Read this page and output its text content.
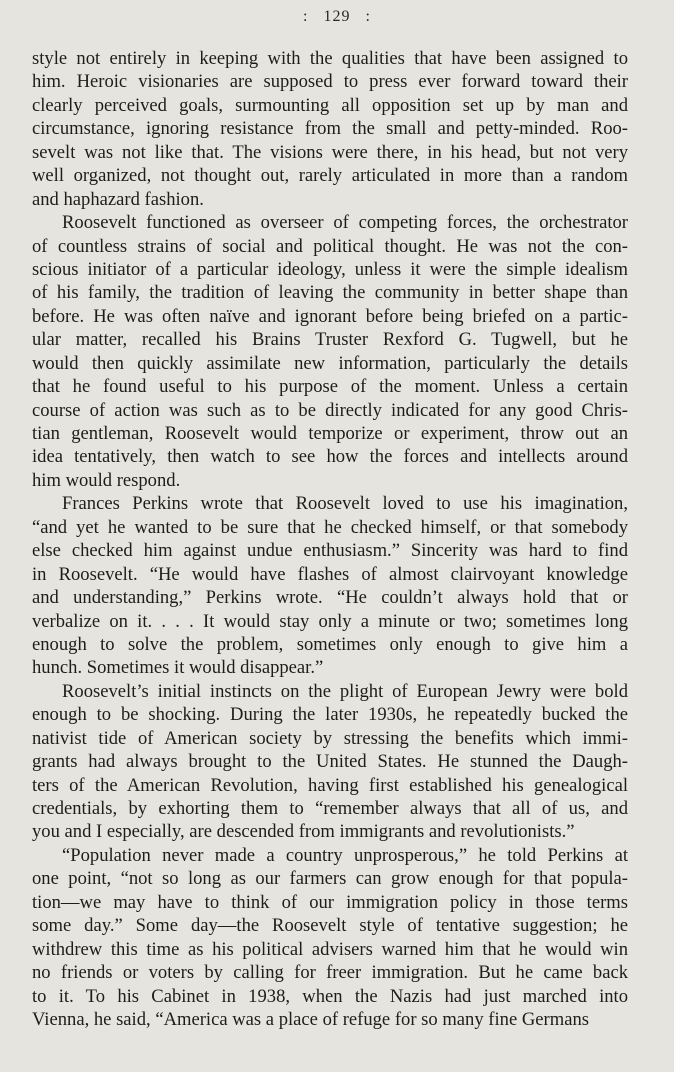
: 129 :
style not entirely in keeping with the qualities that have been assigned to
him. Heroic visionaries are supposed to press ever forward toward their
clearly perceived goals, surmounting all opposition set up by man and
circumstance, ignoring resistance from the small and petty-minded. Roo-
sevelt was not like that. The visions were there, in his head, but not very
well organized, not thought out, rarely articulated in more than a random
and haphazard fashion.
Roosevelt functioned as overseer of competing forces, the orchestrator
of countless strains of social and political thought. He was not the con-
scious initiator of a particular ideology, unless it were the simple idealism
of his family, the tradition of leaving the community in better shape than
before. He was often naïve and ignorant before being briefed on a partic-
ular matter, recalled his Brains Truster Rexford G. Tugwell, but he
would then quickly assimilate new information, particularly the details
that he found useful to his purpose of the moment. Unless a certain
course of action was such as to be directly indicated for any good Chris-
tian gentleman, Roosevelt would temporize or experiment, throw out an
idea tentatively, then watch to see how the forces and intellects around
him would respond.
Frances Perkins wrote that Roosevelt loved to use his imagination,
“and yet he wanted to be sure that he checked himself, or that somebody
else checked him against undue enthusiasm.” Sincerity was hard to find
in Roosevelt. “He would have flashes of almost clairvoyant knowledge
and understanding,” Perkins wrote. “He couldn’t always hold that or
verbalize on it. . . . It would stay only a minute or two; sometimes long
enough to solve the problem, sometimes only enough to give him a
hunch. Sometimes it would disappear.”
Roosevelt’s initial instincts on the plight of European Jewry were bold
enough to be shocking. During the later 1930s, he repeatedly bucked the
nativist tide of American society by stressing the benefits which immi-
grants had always brought to the United States. He stunned the Daugh-
ters of the American Revolution, having first established his genealogical
credentials, by exhorting them to “remember always that all of us, and
you and I especially, are descended from immigrants and revolutionists.”
“Population never made a country unprosperous,” he told Perkins at
one point, “not so long as our farmers can grow enough for that popula-
tion—we may have to think of our immigration policy in those terms
some day.” Some day—the Roosevelt style of tentative suggestion; he
withdrew this time as his political advisers warned him that he would win
no friends or voters by calling for freer immigration. But he came back
to it. To his Cabinet in 1938, when the Nazis had just marched into
Vienna, he said, “America was a place of refuge for so many fine Germans
